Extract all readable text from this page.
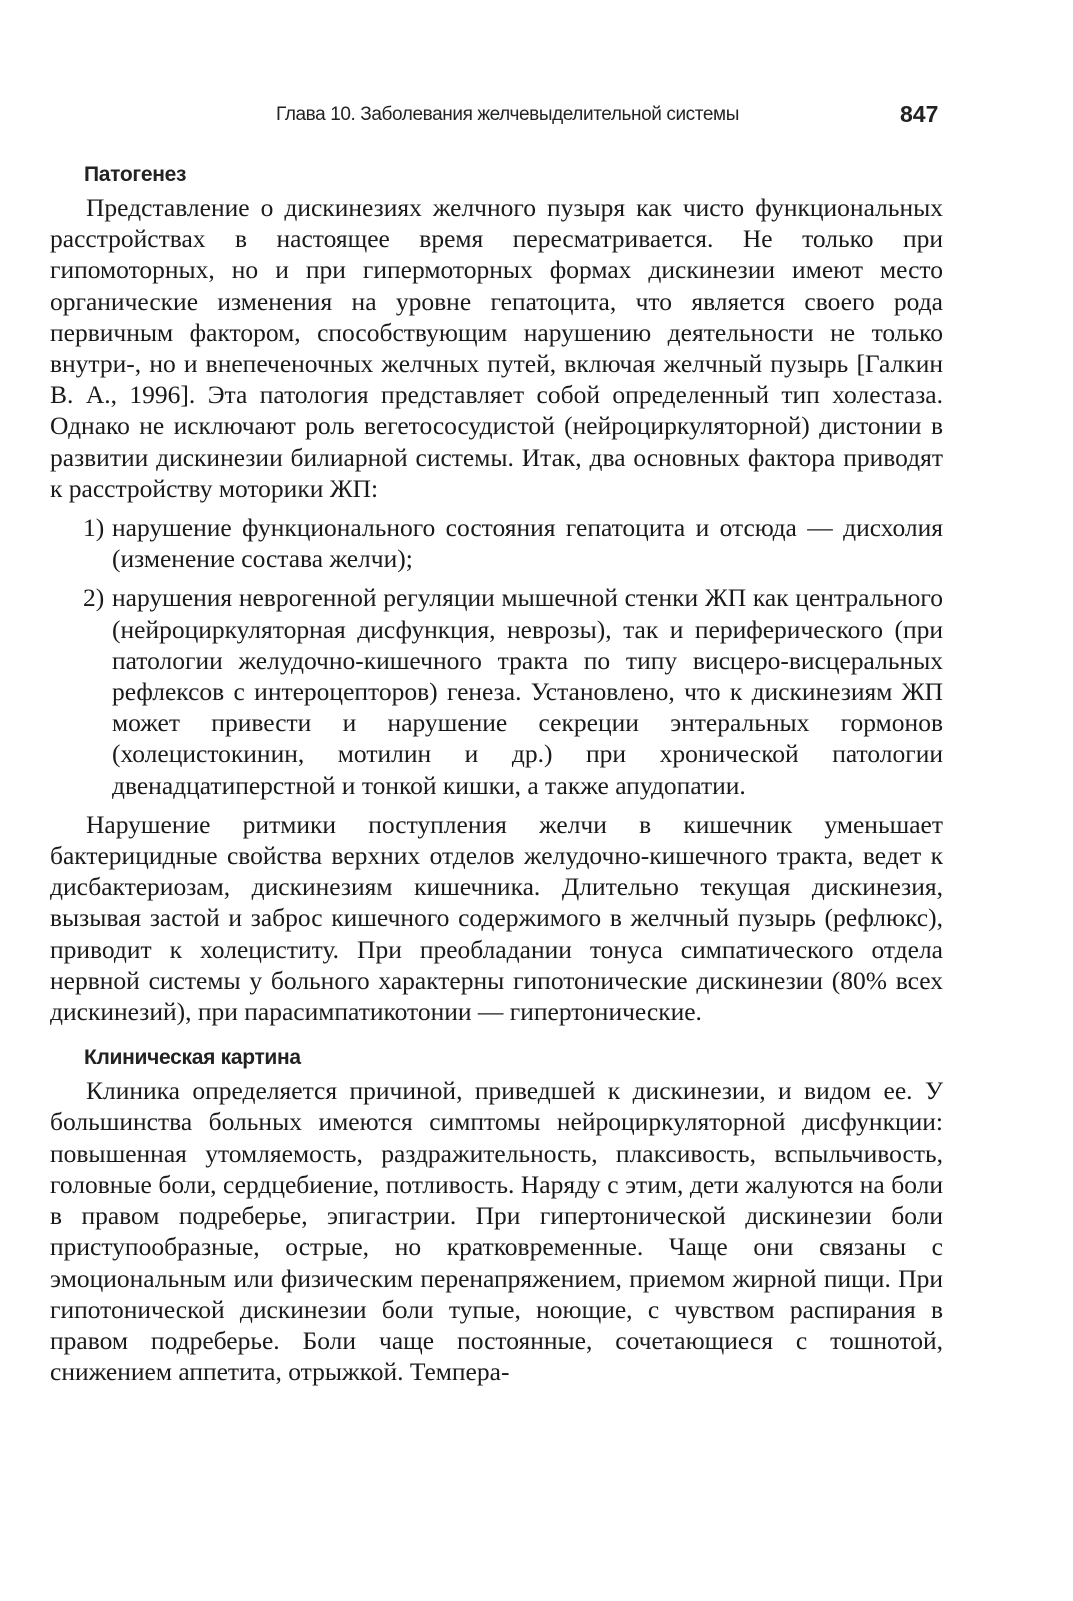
Глава 10. Заболевания желчевыделительной системы	847
Патогенез

Представление о дискинезиях желчного пузыря как чисто функциональных расстройствах в настоящее время пересматривается. Не только при гипомоторных, но и при гипермоторных формах дискинезии имеют место органические изменения на уровне гепатоцита, что является своего рода первичным фактором, способствующим нарушению деятельности не только внутри-, но и внепеченочных желчных путей, включая желчный пузырь [Галкин В. А., 1996]. Эта патология представляет собой определенный тип холестаза. Однако не исключают роль вегетососудистой (нейроциркуляторной) дистонии в развитии дискинезии билиарной системы. Итак, два основных фактора приводят к расстройству моторики ЖП:

1) нарушение функционального состояния гепатоцита и отсюда — дисхолия (изменение состава желчи);
2) нарушения неврогенной регуляции мышечной стенки ЖП как центрального (нейроциркуляторная дисфункция, неврозы), так и периферического (при патологии желудочно-кишечного тракта по типу висцеро-висцеральных рефлексов с интероцепторов) генеза. Установлено, что к дискинезиям ЖП может привести и нарушение секреции энтеральных гормонов (холецистокинин, мотилин и др.) при хронической патологии двенадцатиперстной и тонкой кишки, а также апудопатии.

Нарушение ритмики поступления желчи в кишечник уменьшает бактерицидные свойства верхних отделов желудочно-кишечного тракта, ведет к дисбактериозам, дискинезиям кишечника. Длительно текущая дискинезия, вызывая застой и заброс кишечного содержимого в желчный пузырь (рефлюкс), приводит к холециститу. При преобладании тонуса симпатического отдела нервной системы у больного характерны гипотонические дискинезии (80% всех дискинезий), при парасимпатикотонии — гипертонические.

Клиническая картина

Клиника определяется причиной, приведшей к дискинезии, и видом ее. У большинства больных имеются симптомы нейроциркуляторной дисфункции: повышенная утомляемость, раздражительность, плаксивость, вспыльчивость, головные боли, сердцебиение, потливость. Наряду с этим, дети жалуются на боли в правом подреберье, эпигастрии. При гипертонической дискинезии боли приступообразные, острые, но кратковременные. Чаще они связаны с эмоциональным или физическим перенапряжением, приемом жирной пищи. При гипотонической дискинезии боли тупые, ноющие, с чувством распирания в правом подреберье. Боли чаще постоянные, сочетающиеся с тошнотой, снижением аппетита, отрыжкой. Темпера-
